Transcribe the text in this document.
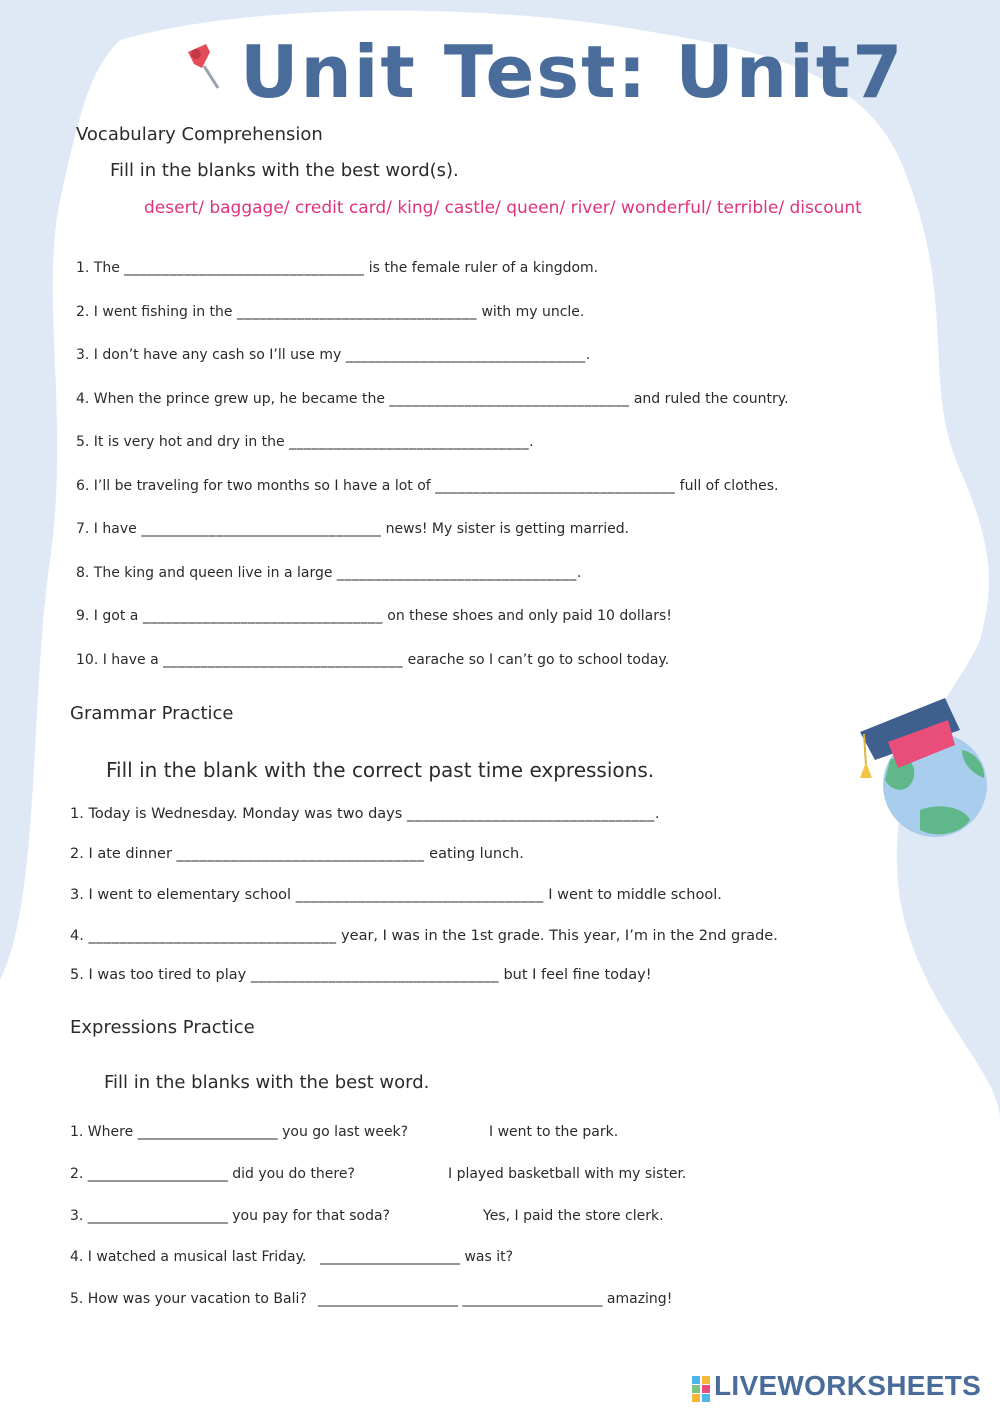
Unit Test: Unit7
Vocabulary Comprehension
Fill in the blanks with the best word(s).
desert/ baggage/ credit card/ king/ castle/ queen/ river/ wonderful/ terrible/ discount
1. The ________________________________ is the female ruler of a kingdom.
2. I went fishing in the ________________________________ with my uncle.
3. I don’t have any cash so I’ll use my ________________________________.
4. When the prince grew up, he became the ________________________________ and ruled the country.
5. It is very hot and dry in the ________________________________.
6. I’ll be traveling for two months so I have a lot of ________________________________ full of clothes.
7. I have ________________________________ news! My sister is getting married.
8. The king and queen live in a large ________________________________.
9. I got a ________________________________ on these shoes and only paid 10 dollars!
10. I have a ________________________________ earache so I can’t go to school today.
Grammar Practice
Fill in the blank with the correct past time expressions.
1. Today is Wednesday. Monday was two days ________________________________.
2. I ate dinner ________________________________ eating lunch.
3. I went to elementary school ________________________________ I went to middle school.
4. ________________________________ year, I was in the 1st grade. This year, I’m in the 2nd grade.
5. I was too tired to play ________________________________ but I feel fine today!
Expressions Practice
Fill in the blanks with the best word.
1. Where ____________________ you go last week?	I went to the park.
2. ____________________ did you do there?	I played basketball with my sister.
3. ____________________ you pay for that soda?	Yes, I paid the store clerk.
4. I watched a musical last Friday. ____________________ was it?
5. How was your vacation to Bali? ____________________ ____________________ amazing!
LIVEWORKSHEETS
